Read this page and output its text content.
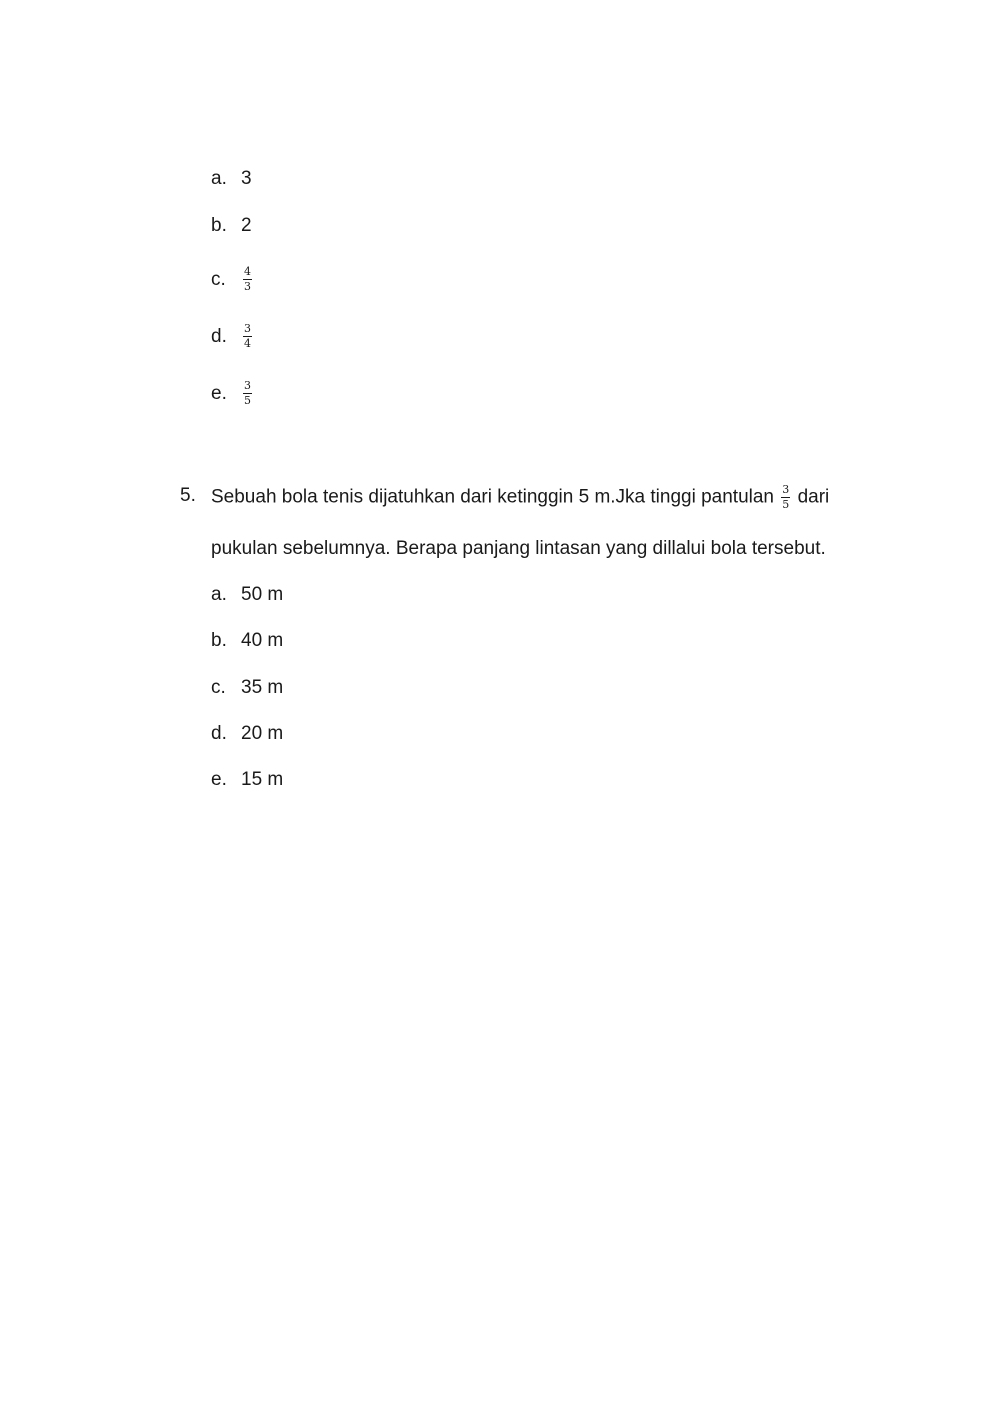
a. 3
b. 2
c. $\frac{4}{3}$
d. $\frac{3}{4}$
e. $\frac{3}{5}$
5. Sebuah bola tenis dijatuhkan dari ketinggin 5 m.Jka tinggi pantulan $\frac{3}{5}$ dari
pukulan sebelumnya. Berapa panjang lintasan yang dillalui bola tersebut.
a. 50 m
b. 40 m
c. 35 m
d. 20 m
e. 15 m
